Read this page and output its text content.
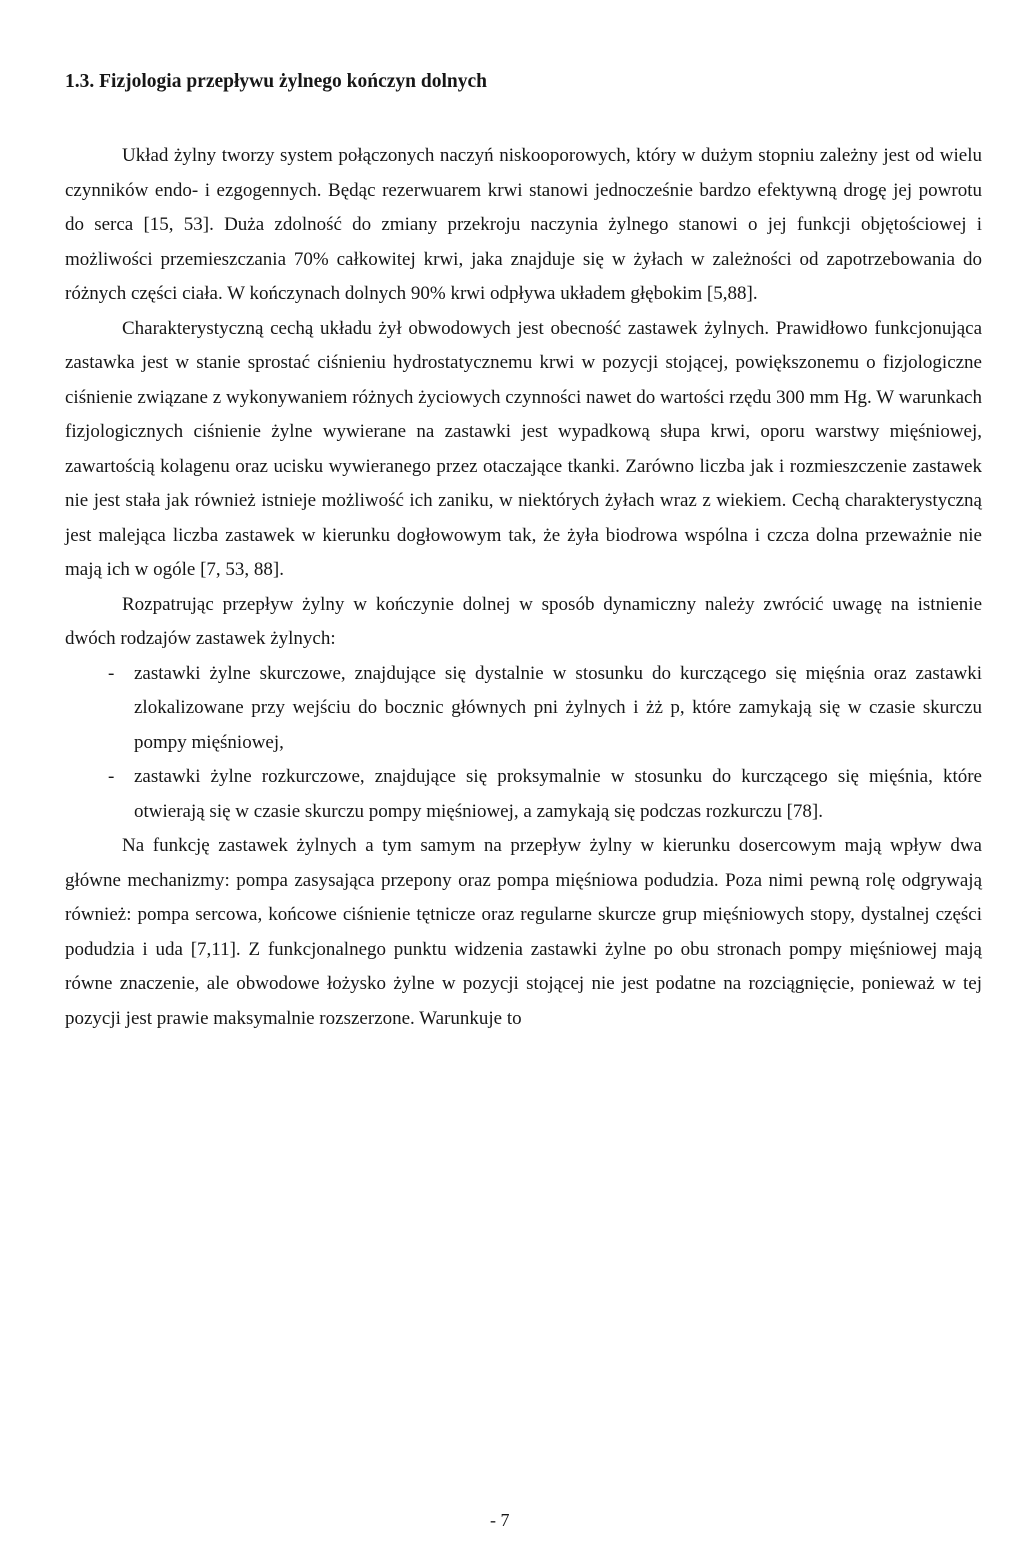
1.3. Fizjologia przepływu żylnego kończyn dolnych

Układ żylny tworzy system połączonych naczyń niskooporowych, który w dużym stopniu zależny jest od wielu czynników endo- i ezgogennych. Będąc rezerwuarem krwi stanowi jednocześnie bardzo efektywną drogę jej powrotu do serca [15, 53]. Duża zdolność do zmiany przekroju naczynia żylnego stanowi o jej funkcji objętościowej i możliwości przemieszczania 70% całkowitej krwi, jaka znajduje się w żyłach w zależności od zapotrzebowania do różnych części ciała. W kończynach dolnych 90% krwi odpływa układem głębokim [5,88].

Charakterystyczną cechą układu żył obwodowych jest obecność zastawek żylnych. Prawidłowo funkcjonująca zastawka jest w stanie sprostać ciśnieniu hydrostatycznemu krwi w pozycji stojącej, powiększonemu o fizjologiczne ciśnienie związane z wykonywaniem różnych życiowych czynności nawet do wartości rzędu 300 mm Hg. W warunkach fizjologicznych ciśnienie żylne wywierane na zastawki jest wypadkową słupa krwi, oporu warstwy mięśniowej, zawartością kolagenu oraz ucisku wywieranego przez otaczające tkanki. Zarówno liczba jak i rozmieszczenie zastawek nie jest stała jak również istnieje możliwość ich zaniku, w niektórych żyłach wraz z wiekiem. Cechą charakterystyczną jest malejąca liczba zastawek w kierunku dogłowowym tak, że żyła biodrowa wspólna i czcza dolna przeważnie nie mają ich w ogóle [7, 53, 88].

Rozpatrując przepływ żylny w kończynie dolnej w sposób dynamiczny należy zwrócić uwagę na istnienie dwóch rodzajów zastawek żylnych:

- zastawki żylne skurczowe, znajdujące się dystalnie w stosunku do kurczącego się mięśnia oraz zastawki zlokalizowane przy wejściu do bocznic głównych pni żylnych i żż p, które zamykają się w czasie skurczu pompy mięśniowej,
- zastawki żylne rozkurczowe, znajdujące się proksymalnie w stosunku do kurczącego się mięśnia, które otwierają się w czasie skurczu pompy mięśniowej, a zamykają się podczas rozkurczu [78].

Na funkcję zastawek żylnych a tym samym na przepływ żylny w kierunku dosercowym mają wpływ dwa główne mechanizmy: pompa zasysająca przepony oraz pompa mięśniowa podudzia. Poza nimi pewną rolę odgrywają również: pompa sercowa, końcowe ciśnienie tętnicze oraz regularne skurcze grup mięśniowych stopy, dystalnej części podudzia i uda [7,11]. Z funkcjonalnego punktu widzenia zastawki żylne po obu stronach pompy mięśniowej mają równe znaczenie, ale obwodowe łożysko żylne w pozycji stojącej nie jest podatne na rozciągnięcie, ponieważ w tej pozycji jest prawie maksymalnie rozszerzone. Warunkuje to

- 7
